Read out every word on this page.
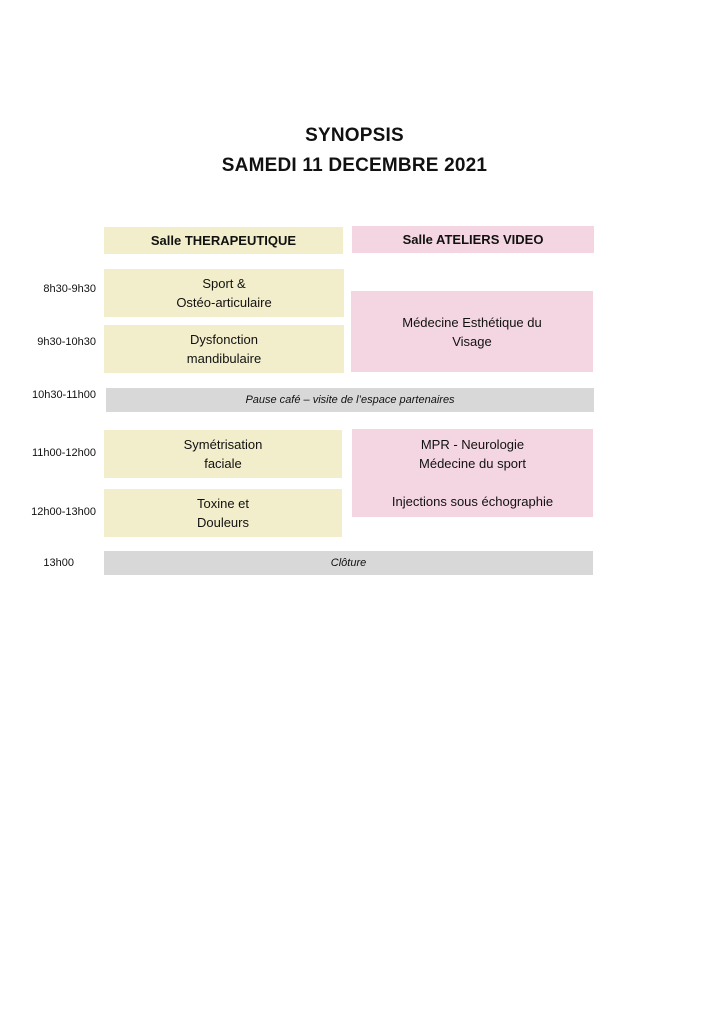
SYNOPSIS
SAMEDI 11 DECEMBRE 2021
Salle THERAPEUTIQUE	Salle ATELIERS VIDEO
8h30-9h30
9h30-10h30
10h30-11h00
11h00-12h00
12h00-13h00
13h00
Sport &
Ostéo-articulaire
Dysfonction
mandibulaire
Médecine Esthétique du
Visage
Pause café – visite de l’espace partenaires
Symétrisation
faciale
MPR - Neurologie
Médecine du sport

Injections sous échographie
Toxine et
Douleurs
Clôture
